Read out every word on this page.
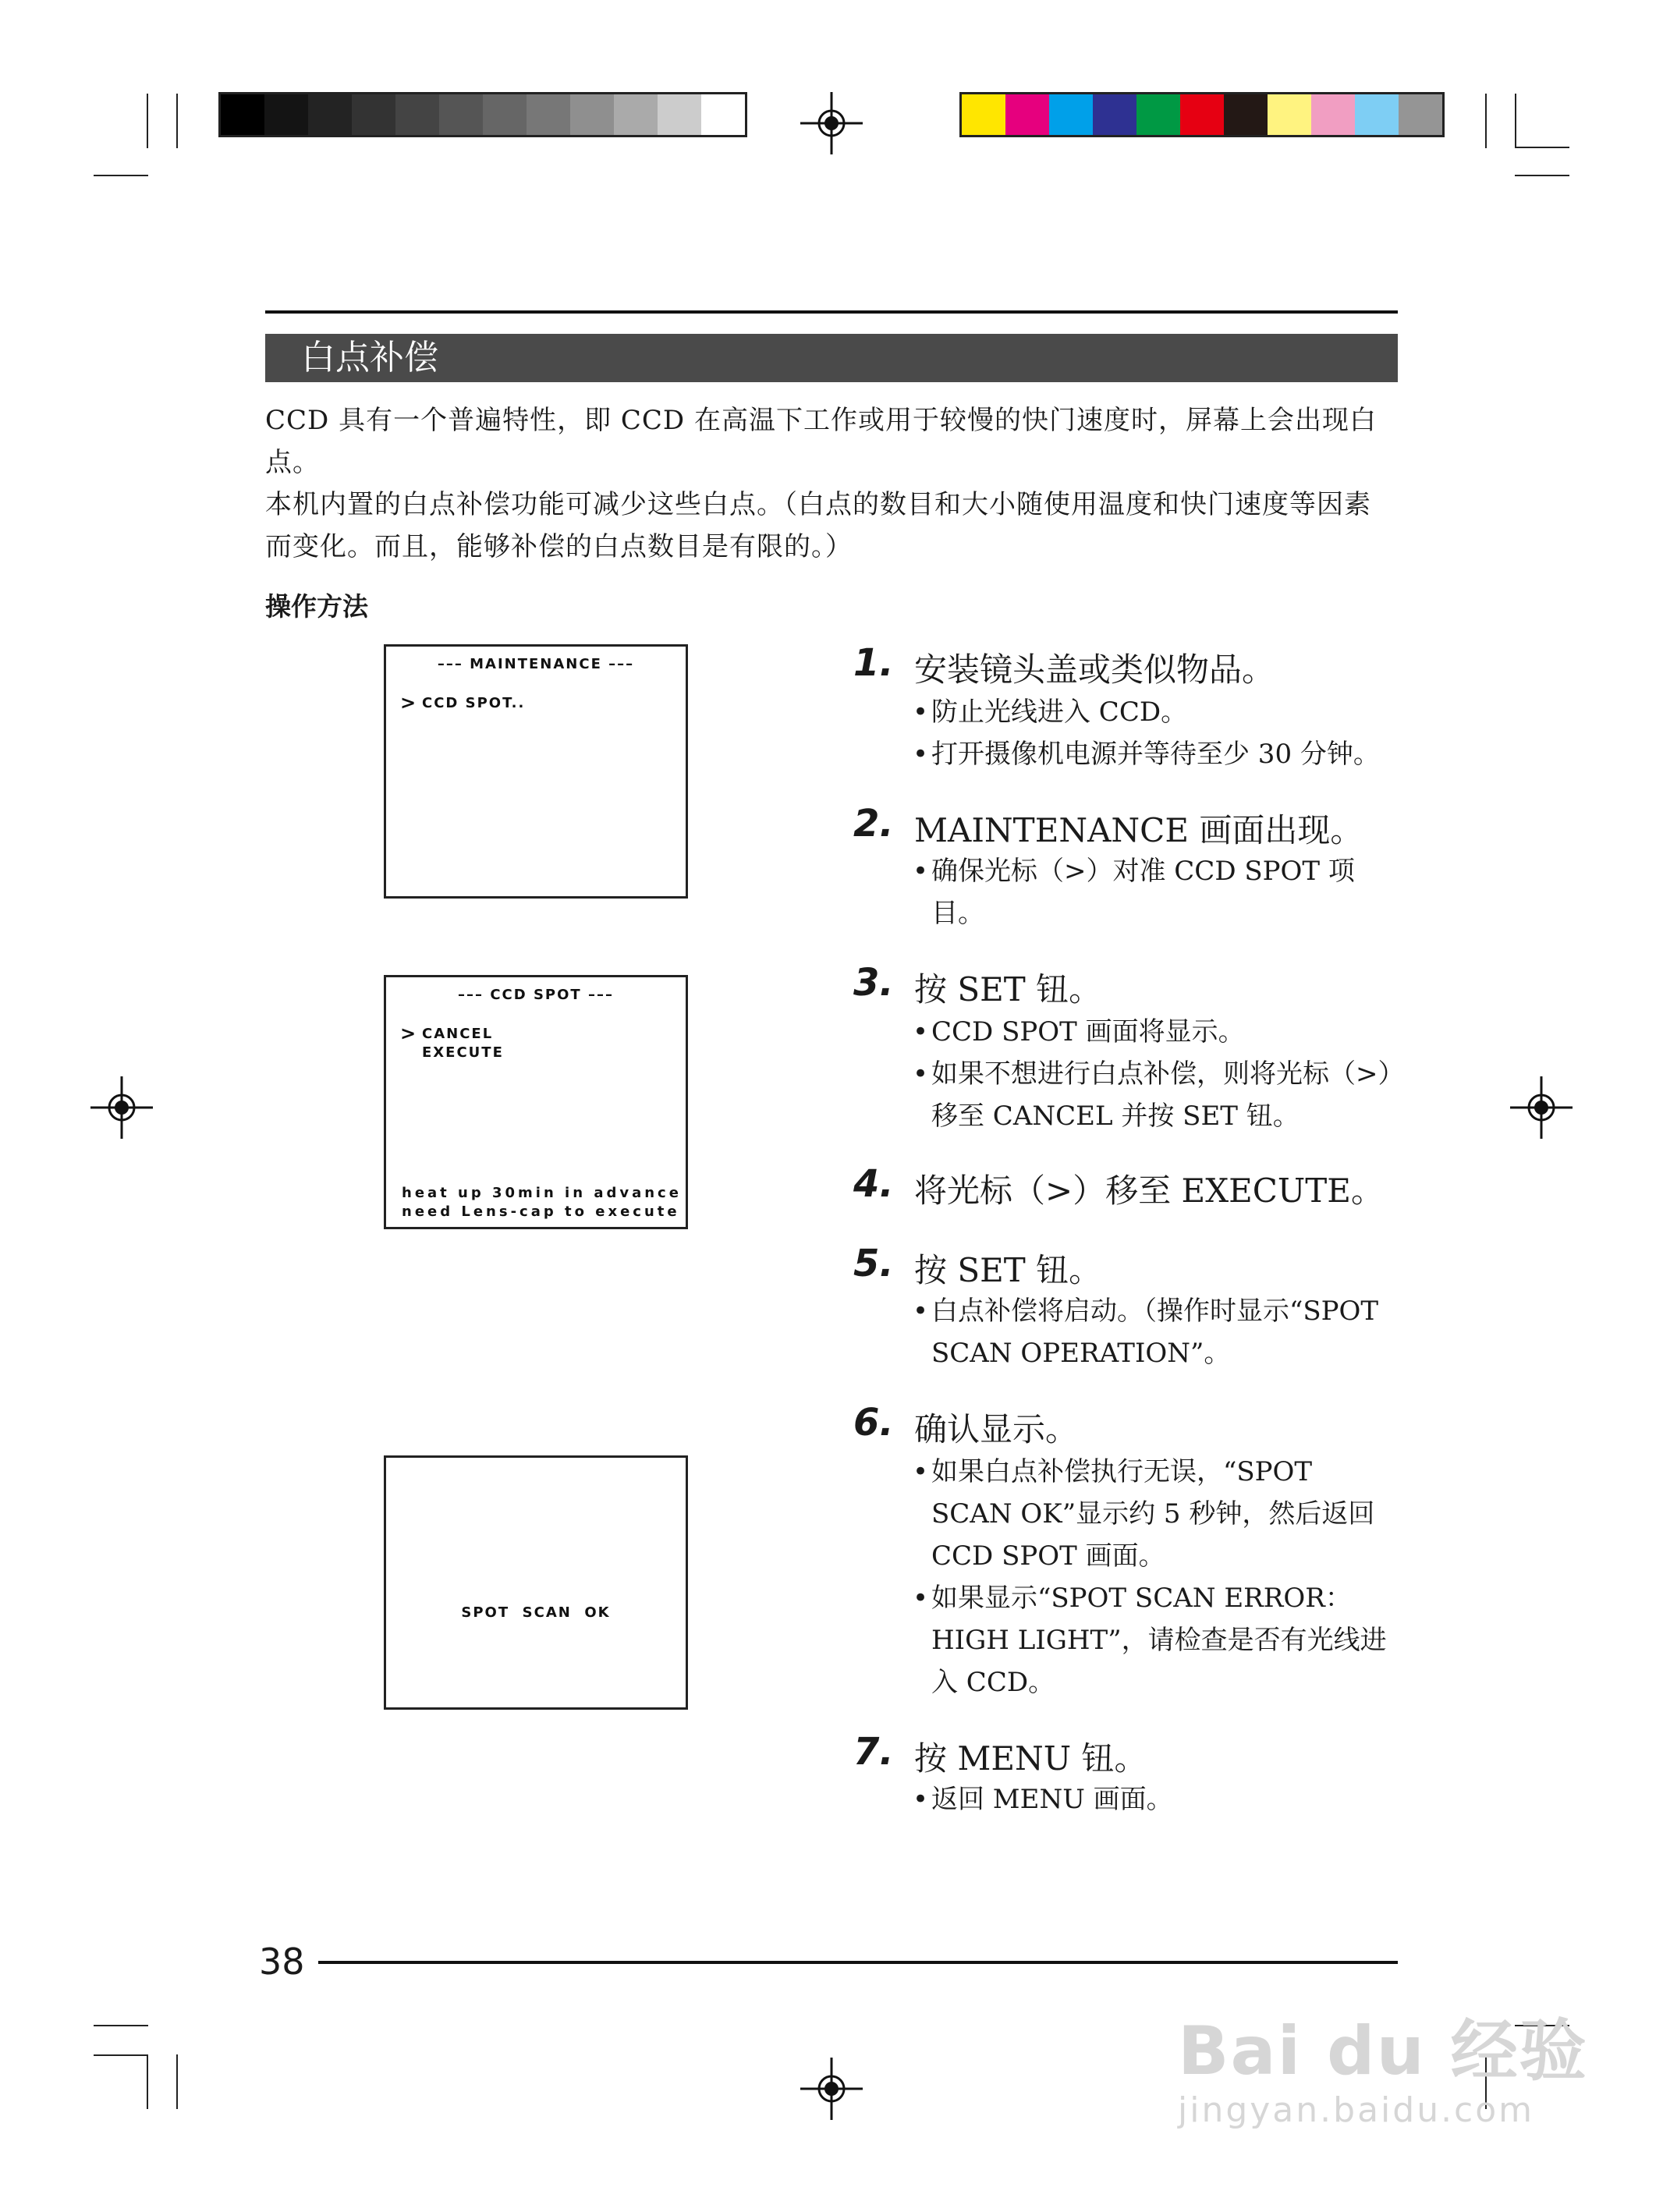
白点补偿
CCD 具有一个普遍特性，即 CCD 在高温下工作或用于较慢的快门速度时，屏幕上会出现白
点。
本机内置的白点补偿功能可减少这些白点。（白点的数目和大小随使用温度和快门速度等因素
而变化。而且，能够补偿的白点数目是有限的。）
操作方法
––– MAINTENANCE –––
> CCD SPOT..
––– CCD SPOT –––
> CANCEL
EXECUTE
heat up 30min in advance
need Lens-cap to execute
SPOT  SCAN  OK
1. 安装镜头盖或类似物品。
• 防止光线进入 CCD。
• 打开摄像机电源并等待至少 30 分钟。
2. MAINTENANCE 画面出现。
• 确保光标（>）对准 CCD SPOT 项目。
3. 按 SET 钮。
• CCD SPOT 画面将显示。
• 如果不想进行白点补偿，则将光标（>）移至 CANCEL 并按 SET 钮。
4. 将光标（>）移至 EXECUTE。
5. 按 SET 钮。
• 白点补偿将启动。（操作时显示“SPOT SCAN OPERATION”。
6. 确认显示。
• 如果白点补偿执行无误，“SPOT SCAN OK”显示约 5 秒钟，然后返回 CCD SPOT 画面。
• 如果显示“SPOT SCAN ERROR：HIGH LIGHT”，请检查是否有光线进入 CCD。
7. 按 MENU 钮。
• 返回 MENU 画面。
38
Bai du 经验
jingyan.baidu.com
